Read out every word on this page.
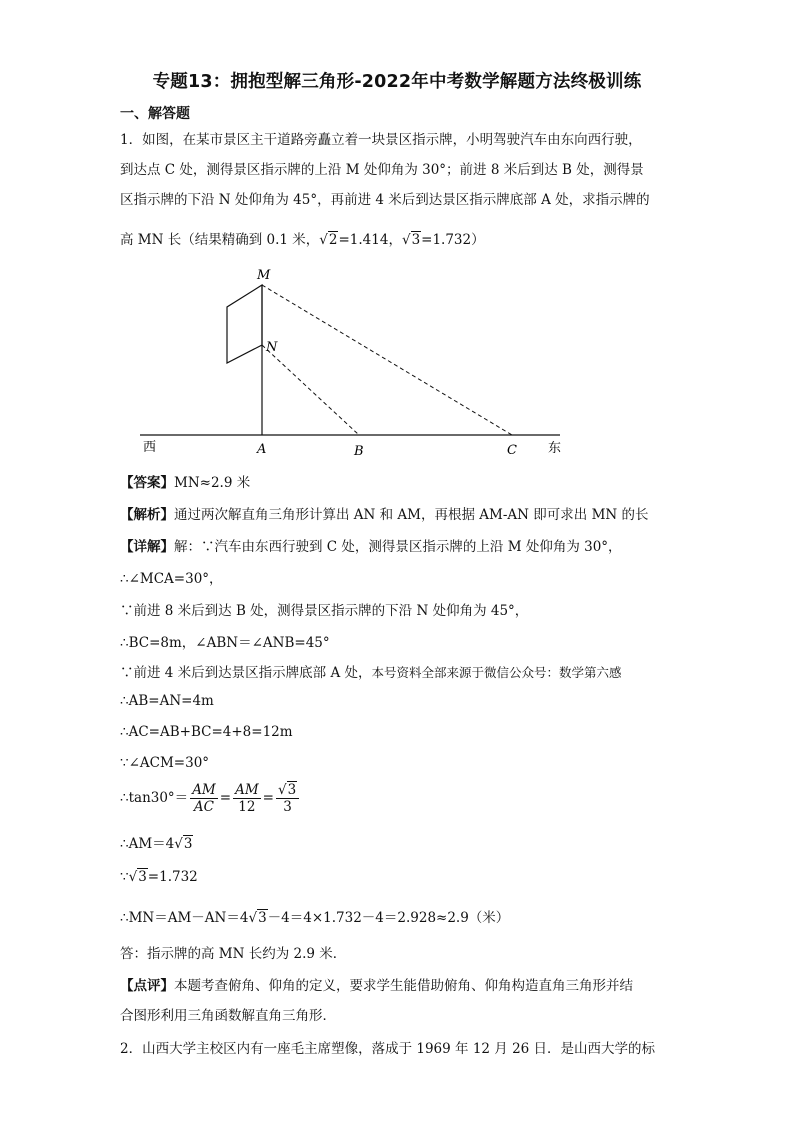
专题13：拥抱型解三角形-2022年中考数学解题方法终极训练
一、解答题
1．如图，在某市景区主干道路旁矗立着一块景区指示牌，小明驾驶汽车由东向西行驶，
到达点 C 处，测得景区指示牌的上沿 M 处仰角为 30°；前进 8 米后到达 B 处，测得景
区指示牌的下沿 N 处仰角为 45°，再前进 4 米后到达景区指示牌底部 A 处，求指示牌的
高 MN 长（结果精确到 0.1 米，√2=1.414，√3=1.732）
M
N
A	B	C
西	东
【答案】MN≈2.9 米
【解析】通过两次解直角三角形计算出 AN 和 AM，再根据 AM-AN 即可求出 MN 的长
【详解】解：∵汽车由东西行驶到 C 处，测得景区指示牌的上沿 M 处仰角为 30°，
∴∠MCA=30°，
∵前进 8 米后到达 B 处，测得景区指示牌的下沿 N 处仰角为 45°，
∴BC=8m，∠ABN＝∠ANB=45°
∵前进 4 米后到达景区指示牌底部 A 处，本号资料全部来源于微信公众号：数学第六感
∴AB=AN=4m
∴AC=AB+BC=4+8=12m
∵∠ACM=30°
∴tan30°＝ $\frac{AM}{AC} = \frac{AM}{12} = \frac{√3}{3}$
∴AM＝4√3
∵√3=1.732
∴MN＝AM－AN＝4√3－4＝4×1.732－4＝2.928≈2.9（米）
答：指示牌的高 MN 长约为 2.9 米．
【点评】本题考查俯角、仰角的定义，要求学生能借助俯角、仰角构造直角三角形并结
合图形利用三角函数解直角三角形．
2．山西大学主校区内有一座毛主席塑像，落成于 1969 年 12 月 26 日．是山西大学的标
